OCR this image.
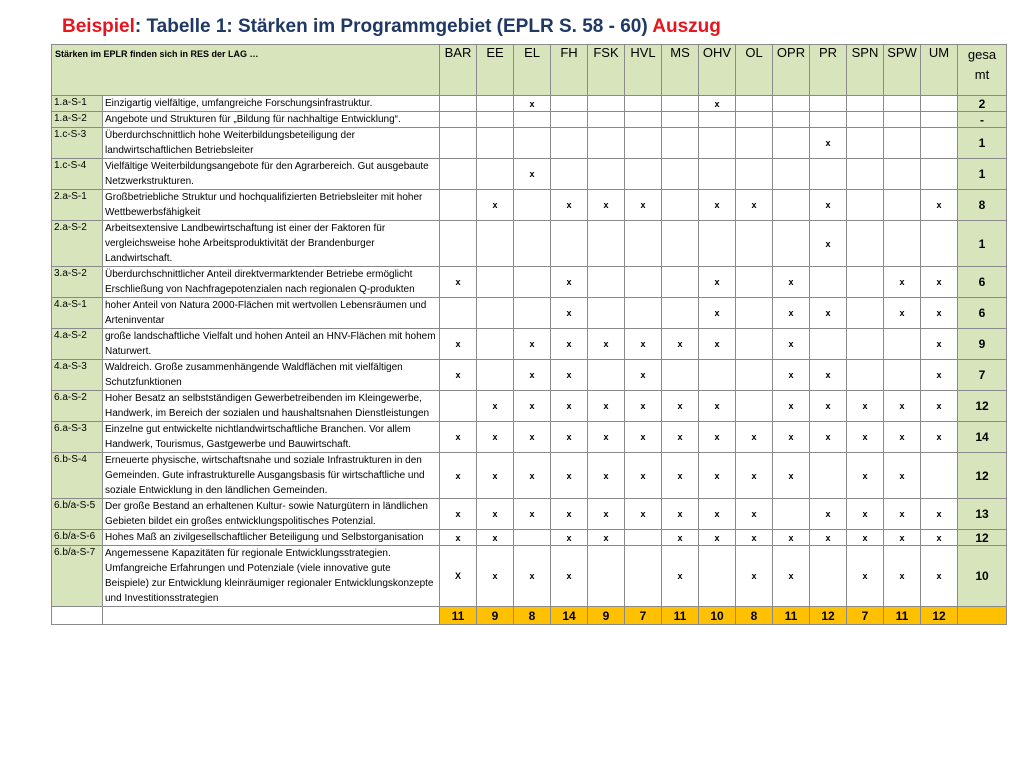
Beispiel: Tabelle 1: Stärken im Programmgebiet (EPLR S. 58 - 60) Auszug
Stärken im EPLR finden sich in RES der LAG …		BAR	EE	EL	FH	FSK	HVL	MS	OHV	OL	OPR	PR	SPN	SPW	UM	gesa mt
1.a-S-1	Einzigartig vielfältige, umfangreiche Forschungsinfrastruktur.			x					x							2
1.a-S-2	Angebote und Strukturen für „Bildung für nachhaltige Entwicklung“.															-
1.c-S-3	Überdurchschnittlich hohe Weiterbildungsbeteiligung der landwirtschaftlichen Betriebsleiter											x				1
1.c-S-4	Vielfältige Weiterbildungsangebote für den Agrarbereich. Gut ausgebaute Netzwerkstrukturen.			x												1
2.a-S-1	Großbetriebliche Struktur und hochqualifizierten Betriebsleiter mit hoher Wettbewerbsfähigkeit		x		x	x	x		x	x		x			x	8
2.a-S-2	Arbeitsextensive Landbewirtschaftung ist einer der Faktoren für vergleichsweise hohe Arbeitsproduktivität der Brandenburger Landwirtschaft.											x				1
3.a-S-2	Überdurchschnittlicher Anteil direktvermarktender Betriebe ermöglicht Erschließung von Nachfragepotenzialen nach regionalen Q-produkten	x			x				x		x			x	x	6
4.a-S-1	hoher Anteil von Natura 2000-Flächen mit wertvollen Lebensräumen und Arteninventar				x				x		x	x		x	x	6
4.a-S-2	große landschaftliche Vielfalt und hohen Anteil an HNV-Flächen mit hohem Naturwert.	x		x	x	x	x	x	x		x				x	9
4.a-S-3	Waldreich. Große zusammenhängende Waldflächen mit vielfältigen Schutzfunktionen	x		x	x		x				x	x			x	7
6.a-S-2	Hoher Besatz an selbstständigen Gewerbetreibenden im Kleingewerbe, Handwerk, im Bereich der sozialen und haushaltsnahen Dienstleistungen		x	x	x	x	x	x	x		x	x	x	x	x	12
6.a-S-3	Einzelne gut entwickelte nichtlandwirtschaftliche Branchen. Vor allem Handwerk, Tourismus, Gastgewerbe und Bauwirtschaft.	x	x	x	x	x	x	x	x	x	x	x	x	x	x	14
6.b-S-4	Erneuerte physische, wirtschaftsnahe und soziale Infrastrukturen in den Gemeinden. Gute infrastrukturelle Ausgangsbasis für wirtschaftliche und soziale Entwicklung in den ländlichen Gemeinden.	x	x	x	x	x	x	x	x	x	x		x	x		12
6.b/a-S-5	Der große Bestand an erhaltenen Kultur- sowie Naturgütern in ländlichen Gebieten bildet ein großes entwicklungspolitisches Potenzial.	x	x	x	x	x	x	x	x	x		x	x	x	x	13
6.b/a-S-6	Hohes Maß an zivilgesellschaftlicher Beteiligung und Selbstorganisation	x	x		x	x		x	x	x	x	x	x	x	x	12
6.b/a-S-7	Angemessene Kapazitäten für regionale Entwicklungsstrategien. Umfangreiche Erfahrungen und Potenziale (viele innovative gute Beispiele) zur Entwicklung kleinräumiger regionaler Entwicklungskonzepte und Investitionsstrategien	X	x	x	x			x		x	x		x	x	x	10
		11	9	8	14	9	7	11	10	8	11	12	7	11	12	
